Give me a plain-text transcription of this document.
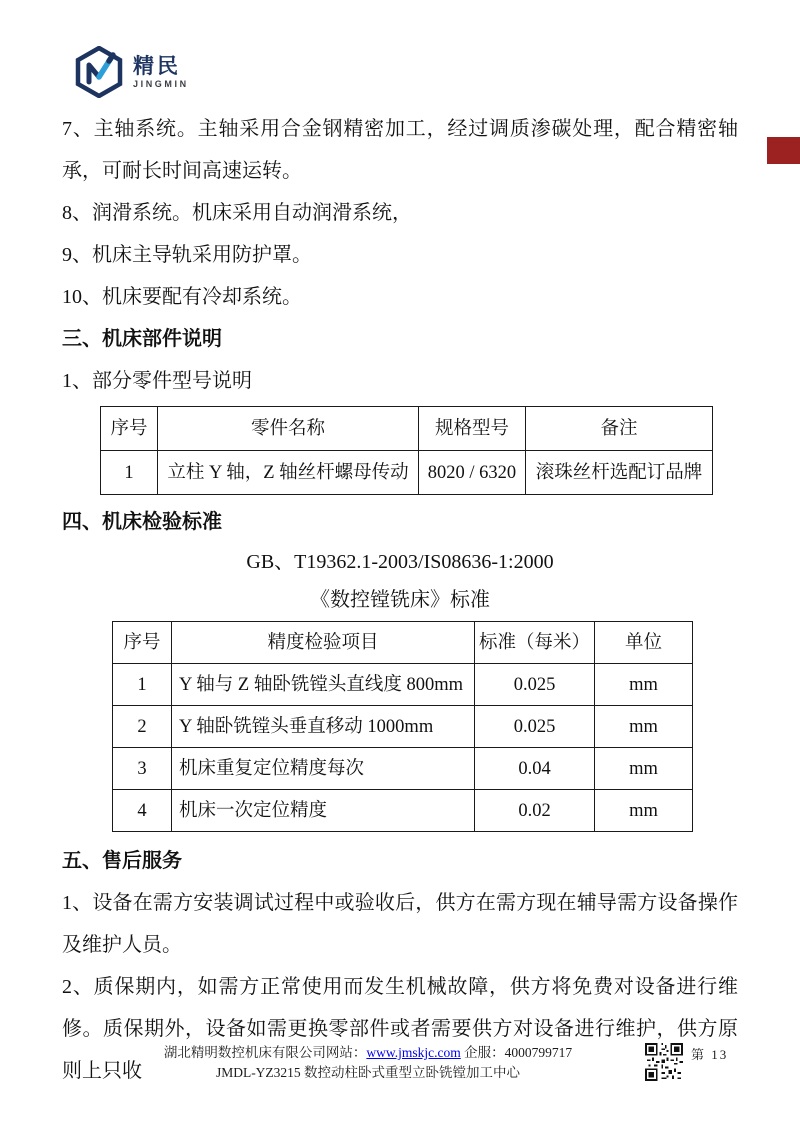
精民
JINGMIN

7、主轴系统。主轴采用合金钢精密加工，经过调质渗碳处理，配合精密轴承，可耐长时间高速运转。

8、润滑系统。机床采用自动润滑系统，

9、机床主导轨采用防护罩。

10、机床要配有冷却系统。

三、机床部件说明

1、部分零件型号说明

序号	零件名称	规格型号	备注
1	立柱 Y 轴，Z 轴丝杆螺母传动	8020 / 6320	滚珠丝杆选配订品牌

四、机床检验标准

GB、T19362.1-2003/IS08636-1:2000

《数控镗铣床》标准

序号	精度检验项目	标准（每米）	单位
1	Y 轴与 Z 轴卧铣镗头直线度 800mm	0.025	mm
2	Y 轴卧铣镗头垂直移动 1000mm	0.025	mm
3	机床重复定位精度每次	0.04	mm
4	机床一次定位精度	0.02	mm

五、售后服务

1、设备在需方安装调试过程中或验收后，供方在需方现在辅导需方设备操作及维护人员。

2、质保期内，如需方正常使用而发生机械故障，供方将免费对设备进行维修。质保期外，设备如需更换零部件或者需要供方对设备进行维护，供方原则上只收

湖北精明数控机床有限公司网站：www.jmskjc.com 企服：4000799717
JMDL-YZ3215 数控动柱卧式重型立卧铣镗加工中心
第 13
